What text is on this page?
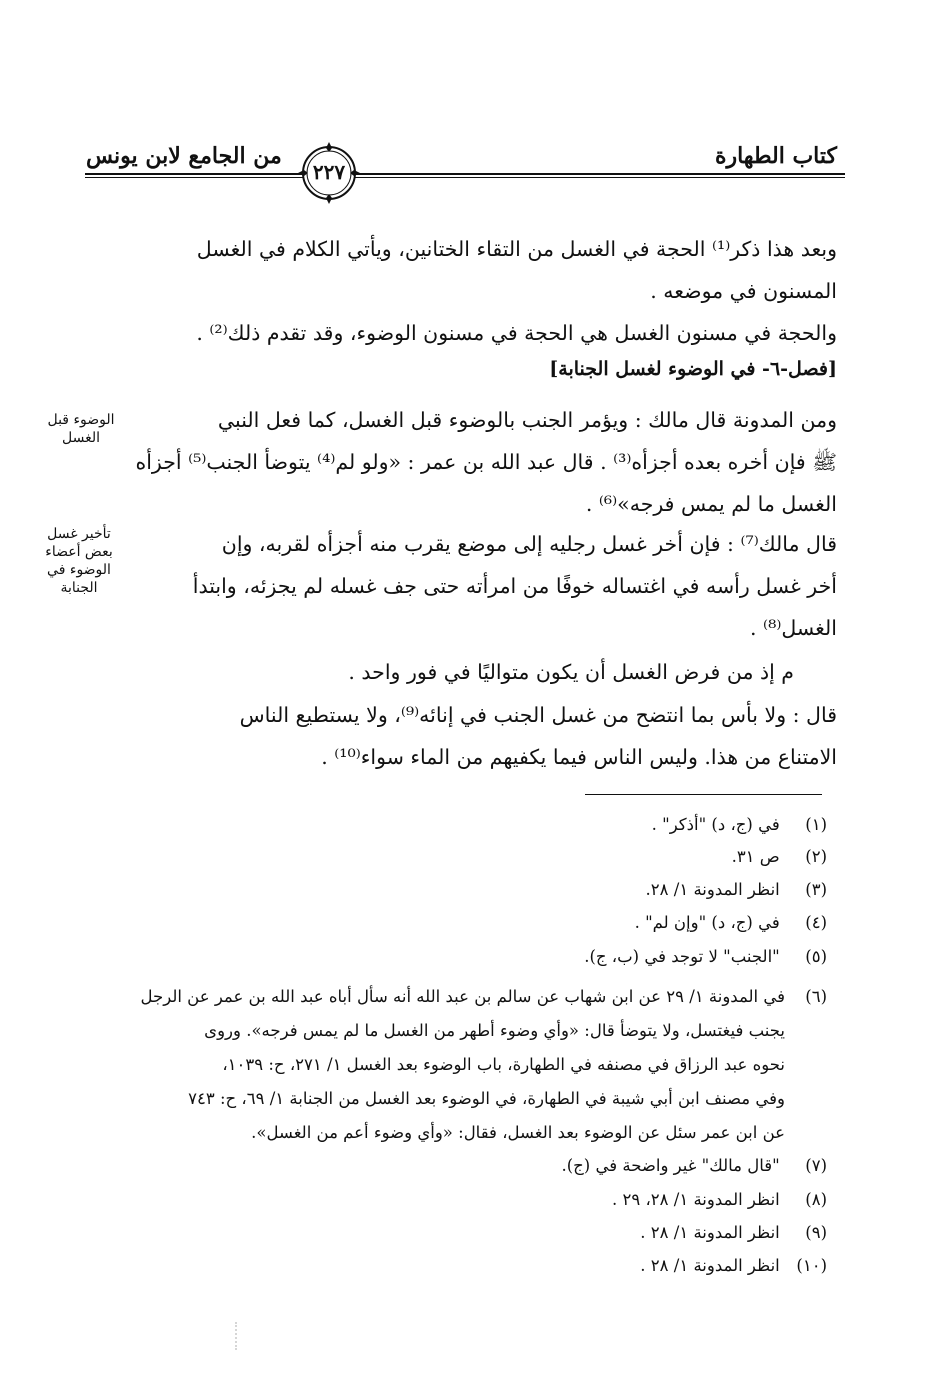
كتاب الطهارة
من الجامع لابن يونس
٢٢٧
وبعد هذا ذكر⁽¹⁾ الحجة في الغسل من التقاء الختانين، ويأتي الكلام في الغسل
المسنون في موضعه .
والحجة في مسنون الغسل هي الحجة في مسنون الوضوء، وقد تقدم ذلك⁽²⁾ .
[فصل-٦- في الوضوء لغسل الجنابة]
ومن المدونة قال مالك : ويؤمر الجنب بالوضوء قبل الغسل، كما فعل النبي
ﷺ فإن أخره بعده أجزأه⁽³⁾ . قال عبد الله بن عمر : «ولو لم⁽⁴⁾ يتوضأ الجنب⁽⁵⁾ أجزأه
الغسل ما لم يمس فرجه»⁽⁶⁾ .
قال مالك⁽⁷⁾ : فإن أخر غسل رجليه إلى موضع يقرب منه أجزأه لقربه، وإن
أخر غسل رأسه في اغتساله خوفًا من امرأته حتى جف غسله لم يجزئه، وابتدأ
الغسل⁽⁸⁾ .
م إذ من فرض الغسل أن يكون متواليًا في فور واحد .
قال : ولا بأس بما انتضح من غسل الجنب في إنائه⁽⁹⁾، ولا يستطيع الناس
الامتناع من هذا. وليس الناس فيما يكفيهم من الماء سواء⁽¹⁰⁾ .
الوضوء قبل
الغسل
تأخير غسل
بعض أعضاء
الوضوء في
الجنابة
(١) في (ج، د) "أذكر" .
(٢) ص ٣١.
(٣) انظر المدونة ١/ ٢٨.
(٤) في (ج، د) "وإن لم" .
(٥) "الجنب" لا توجد في (ب، ج).
(٦)
في المدونة ١/ ٢٩ عن ابن شهاب عن سالم بن عبد الله أنه سأل أباه عبد الله بن عمر عن الرجل
يجنب فيغتسل، ولا يتوضأ قال: «وأي وضوء أطهر من الغسل ما لم يمس فرجه». وروى
نحوه عبد الرزاق في مصنفه في الطهارة، باب الوضوء بعد الغسل ١/ ٢٧١، ح: ١٠٣٩،
وفي مصنف ابن أبي شيبة في الطهارة، في الوضوء بعد الغسل من الجنابة ١/ ٦٩، ح: ٧٤٣
عن ابن عمر سئل عن الوضوء بعد الغسل، فقال: «وأي وضوء أعم من الغسل».
(٧) "قال مالك" غير واضحة في (ج).
(٨) انظر المدونة ١/ ٢٨، ٢٩ .
(٩) انظر المدونة ١/ ٢٨ .
(١٠) انظر المدونة ١/ ٢٨ .
